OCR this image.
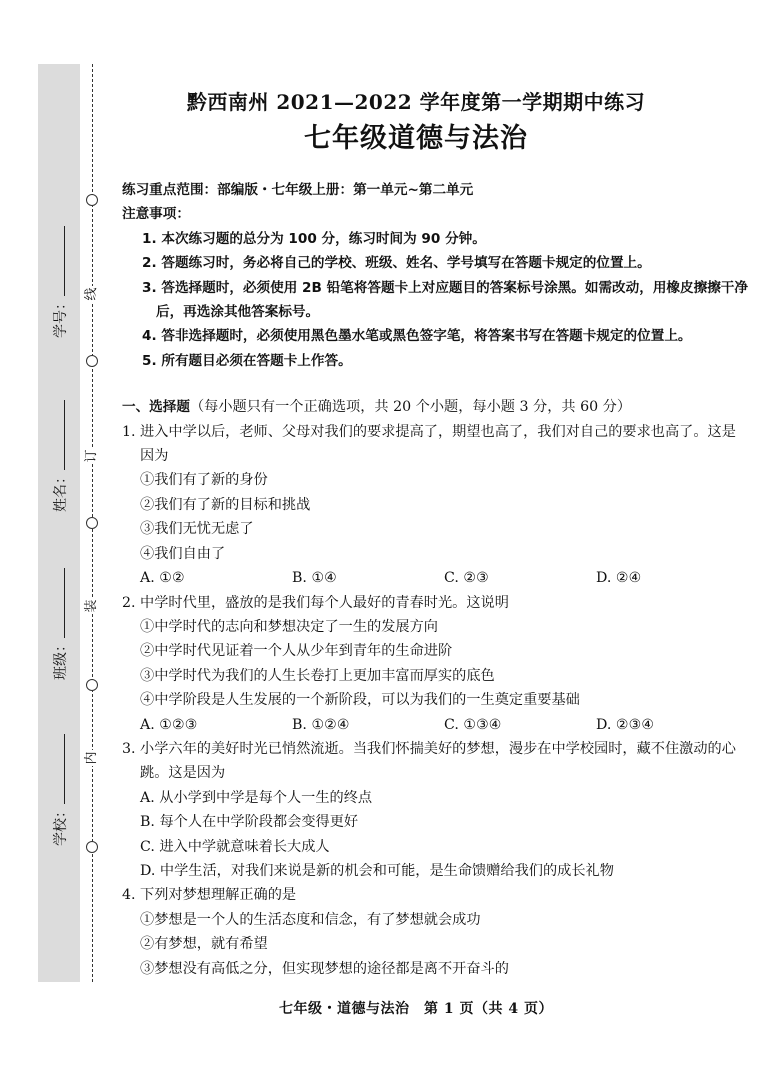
线
订
装
内
学号：
姓名：
班级：
学校：
黔西南州 2021—2022 学年度第一学期期中练习
七年级道德与法治
练习重点范围：部编版・七年级上册：第一单元~第二单元
注意事项：
1. 本次练习题的总分为 100 分，练习时间为 90 分钟。
2. 答题练习时，务必将自己的学校、班级、姓名、学号填写在答题卡规定的位置上。
3. 答选择题时，必须使用 2B 铅笔将答题卡上对应题目的答案标号涂黑。如需改动，用橡皮擦擦干净后，再选涂其他答案标号。
4. 答非选择题时，必须使用黑色墨水笔或黑色签字笔，将答案书写在答题卡规定的位置上。
5. 所有题目必须在答题卡上作答。
一、选择题（每小题只有一个正确选项，共 20 个小题，每小题 3 分，共 60 分）
1. 进入中学以后，老师、父母对我们的要求提高了，期望也高了，我们对自己的要求也高了。这是因为
①我们有了新的身份
②我们有了新的目标和挑战
③我们无忧无虑了
④我们自由了
A. ①②	B. ①④	C. ②③	D. ②④
2. 中学时代里，盛放的是我们每个人最好的青春时光。这说明
①中学时代的志向和梦想决定了一生的发展方向
②中学时代见证着一个人从少年到青年的生命进阶
③中学时代为我们的人生长卷打上更加丰富而厚实的底色
④中学阶段是人生发展的一个新阶段，可以为我们的一生奠定重要基础
A. ①②③	B. ①②④	C. ①③④	D. ②③④
3. 小学六年的美好时光已悄然流逝。当我们怀揣美好的梦想，漫步在中学校园时，藏不住激动的心跳。这是因为
A. 从小学到中学是每个人一生的终点
B. 每个人在中学阶段都会变得更好
C. 进入中学就意味着长大成人
D. 中学生活，对我们来说是新的机会和可能，是生命馈赠给我们的成长礼物
4. 下列对梦想理解正确的是
①梦想是一个人的生活态度和信念，有了梦想就会成功
②有梦想，就有希望
③梦想没有高低之分，但实现梦想的途径都是离不开奋斗的
七年级・道德与法治　第 1 页（共 4 页）
